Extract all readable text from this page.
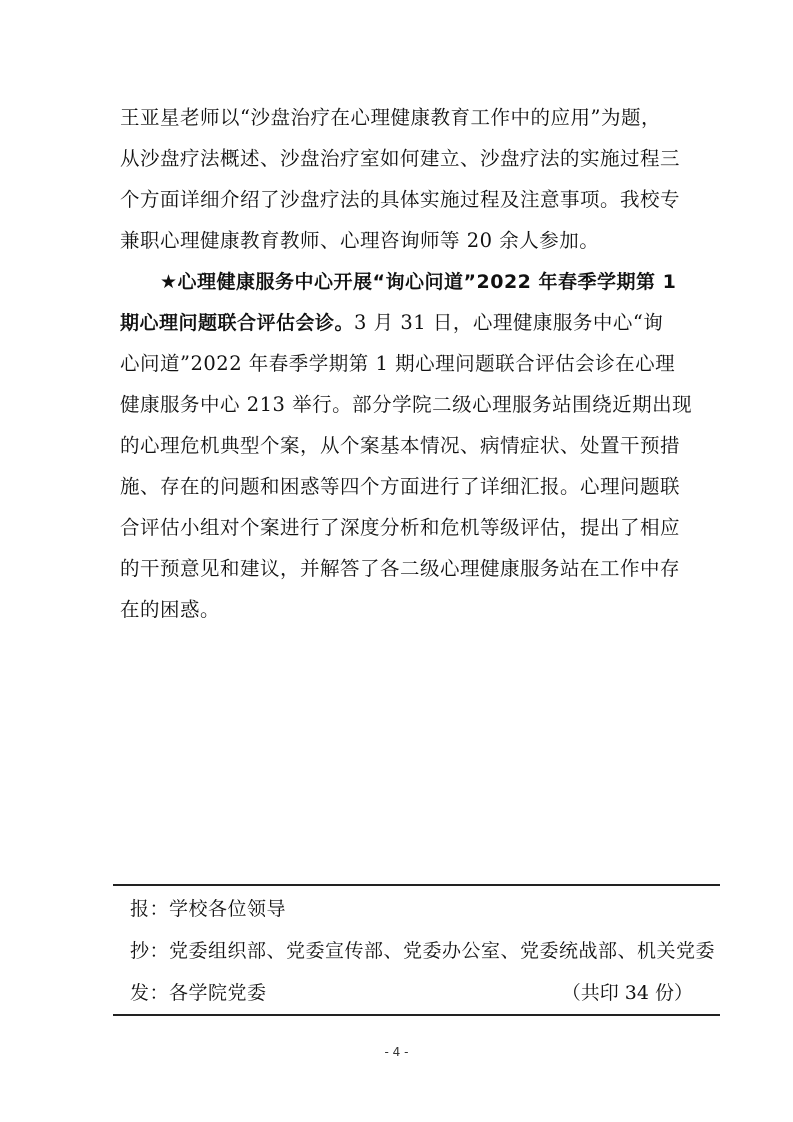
王亚星老师以“沙盘治疗在心理健康教育工作中的应用”为题，
从沙盘疗法概述、沙盘治疗室如何建立、沙盘疗法的实施过程三
个方面详细介绍了沙盘疗法的具体实施过程及注意事项。我校专
兼职心理健康教育教师、心理咨询师等 20 余人参加。
★心理健康服务中心开展“询心问道”2022 年春季学期第 1
期心理问题联合评估会诊。3 月 31 日，心理健康服务中心“询
心问道”2022 年春季学期第 1 期心理问题联合评估会诊在心理
健康服务中心 213 举行。部分学院二级心理服务站围绕近期出现
的心理危机典型个案，从个案基本情况、病情症状、处置干预措
施、存在的问题和困惑等四个方面进行了详细汇报。心理问题联
合评估小组对个案进行了深度分析和危机等级评估，提出了相应
的干预意见和建议，并解答了各二级心理健康服务站在工作中存
在的困惑。
报：学校各位领导
抄：党委组织部、党委宣传部、党委办公室、党委统战部、机关党委
发：各学院党委	（共印 34 份）
- 4 -
